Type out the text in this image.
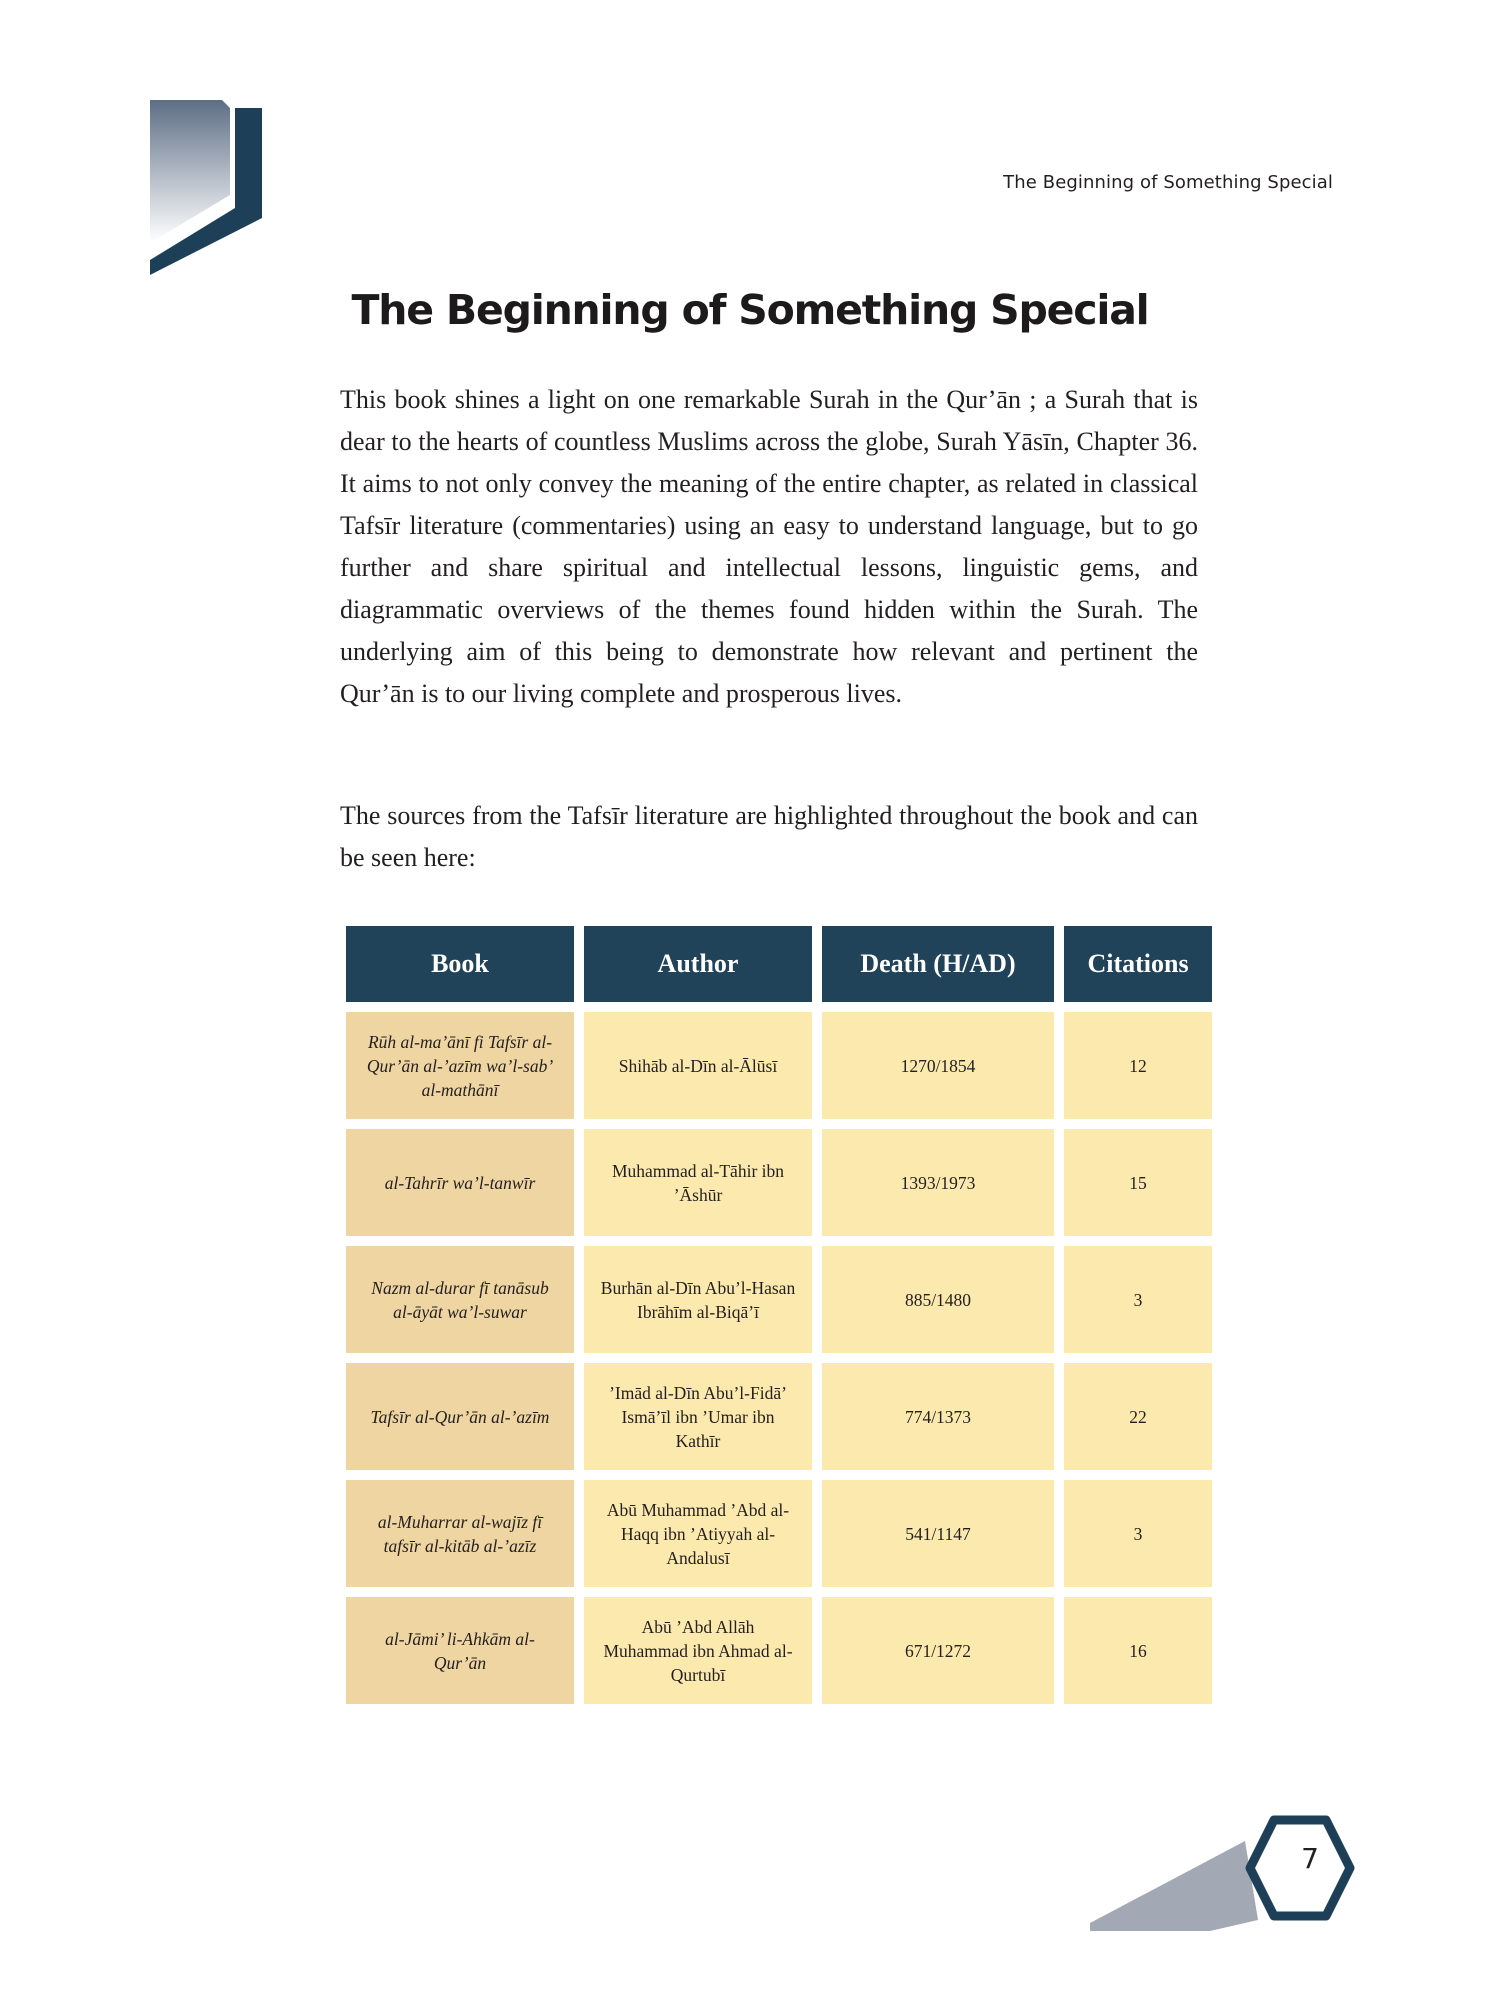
The Beginning of Something Special
The Beginning of Something Special

This book shines a light on one remarkable Surah in the Qur’ān ; a Surah that is dear to the hearts of countless Muslims across the globe, Surah Yāsīn, Chapter 36. It aims to not only convey the meaning of the entire chapter, as related in classical Tafsīr literature (commentaries) using an easy to understand language, but to go further and share spiritual and intellectual lessons, linguistic gems, and diagrammatic overviews of the themes found hidden within the Surah. The underlying aim of this being to demonstrate how relevant and pertinent the Qur’ān is to our living complete and prosperous lives.

The sources from the Tafsīr literature are highlighted throughout the book and can be seen here:

Book	Author	Death (H/AD)	Citations
Rūh al-ma’ānī fi Tafsīr al-Qur’ān al-’azīm wa’l-sab’ al-mathānī	Shihāb al-Dīn al-Ālūsī	1270/1854	12
al-Tahrīr wa’l-tanwīr	Muhammad al-Tāhir ibn ’Āshūr	1393/1973	15
Nazm al-durar fī tanāsub al-āyāt wa’l-suwar	Burhān al-Dīn Abu’l-Hasan Ibrāhīm al-Biqā’ī	885/1480	3
Tafsīr al-Qur’ān al-’azīm	’Imād al-Dīn Abu’l-Fidā’ Ismā’īl ibn ’Umar ibn Kathīr	774/1373	22
al-Muharrar al-wajīz fī tafsīr al-kitāb al-’azīz	Abū Muhammad ’Abd al-Haqq ibn ’Atiyyah al-Andalusī	541/1147	3
al-Jāmi’ li-Ahkām al-Qur’ān	Abū ’Abd Allāh Muhammad ibn Ahmad al-Qurtubī	671/1272	16
7
